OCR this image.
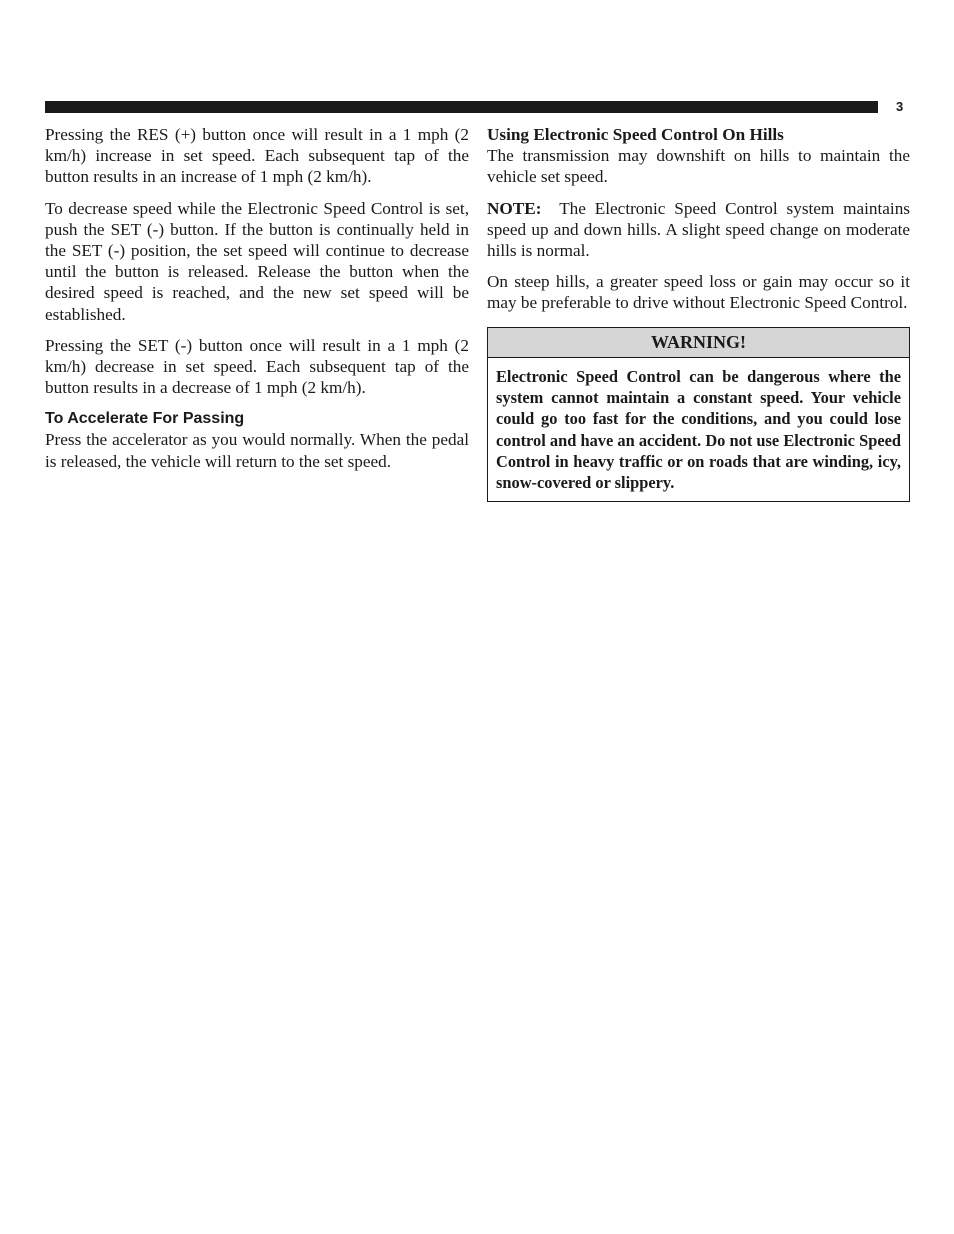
3

Pressing the RES (+) button once will result in a 1 mph (2 km/h) increase in set speed. Each subsequent tap of the button results in an increase of 1 mph (2 km/h).

To decrease speed while the Electronic Speed Control is set, push the SET (-) button. If the button is continually held in the SET (-) position, the set speed will continue to decrease until the button is released. Release the button when the desired speed is reached, and the new set speed will be established.

Pressing the SET (-) button once will result in a 1 mph (2 km/h) decrease in set speed. Each subsequent tap of the button results in a decrease of 1 mph (2 km/h).

To Accelerate For Passing

Press the accelerator as you would normally. When the pedal is released, the vehicle will return to the set speed.

Using Electronic Speed Control On Hills

The transmission may downshift on hills to maintain the vehicle set speed.

NOTE: The Electronic Speed Control system maintains speed up and down hills. A slight speed change on moderate hills is normal.

On steep hills, a greater speed loss or gain may occur so it may be preferable to drive without Electronic Speed Control.

WARNING!
Electronic Speed Control can be dangerous where the system cannot maintain a constant speed. Your vehicle could go too fast for the conditions, and you could lose control and have an accident. Do not use Electronic Speed Control in heavy traffic or on roads that are winding, icy, snow-covered or slippery.
